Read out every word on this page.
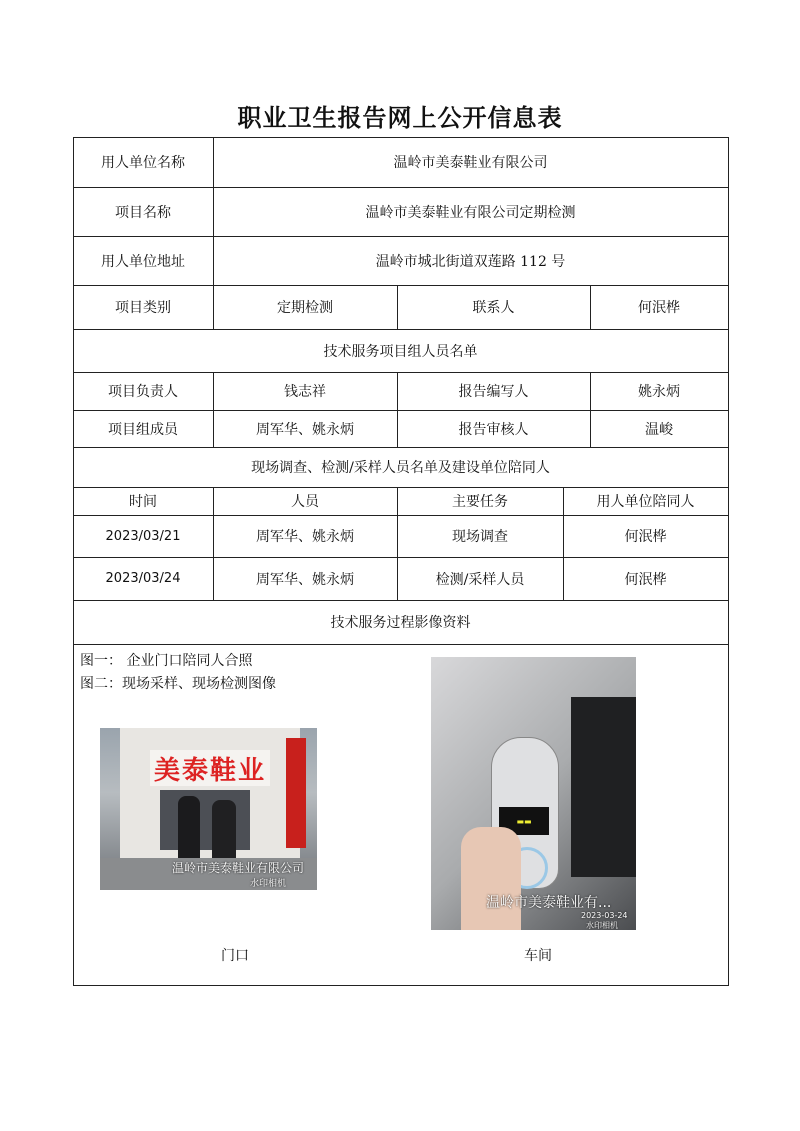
职业卫生报告网上公开信息表
用人单位名称	温岭市美泰鞋业有限公司
项目名称	温岭市美泰鞋业有限公司定期检测
用人单位地址	温岭市城北街道双莲路 112 号
项目类别	定期检测	联系人	何泯桦
技术服务项目组人员名单
项目负责人	钱志祥	报告编写人	姚永炳
项目组成员	周军华、姚永炳	报告审核人	温峻
现场调查、检测/采样人员名单及建设单位陪同人
时间	人员	主要任务	用人单位陪同人
2023/03/21	周军华、姚永炳	现场调查	何泯桦
2023/03/24	周军华、姚永炳	检测/采样人员	何泯桦
技术服务过程影像资料
图一： 企业门口陪同人合照
图二：现场采样、现场检测图像
美泰鞋业
温岭市美泰鞋业有限公司
水印相机
▬▬
温岭市美泰鞋业有...
2023-03-24
水印相机
门口	车间
